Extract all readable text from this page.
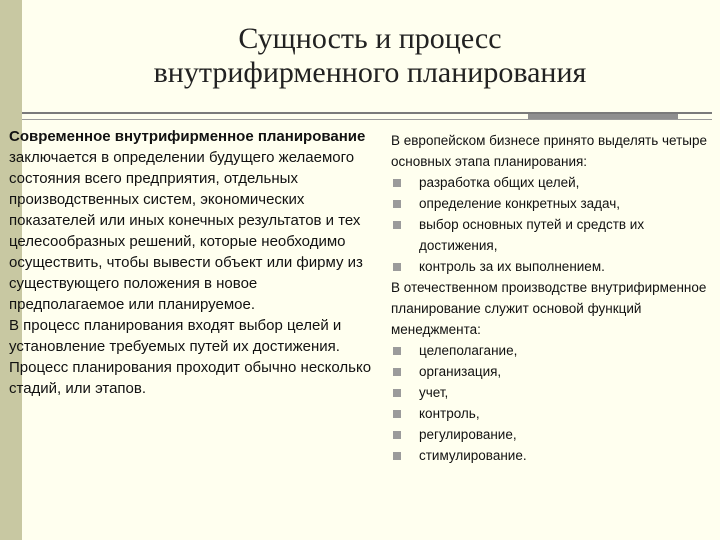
Сущность и процесс
внутрифирменного планирования

Современное внутрифирменное планирование заключается в определении будущего желаемого состояния всего предприятия, отдельных производственных систем, экономических показателей или иных конечных результатов и тех целесообразных решений, которые необходимо осуществить, чтобы вывести объект или фирму из существующего положения в новое предполагаемое или планируемое.

В процесс планирования входят выбор целей и установление требуемых путей их достижения.

Процесс планирования проходит обычно несколько стадий, или этапов.

В европейском бизнесе принято выделять четыре основных этапа планирования:

разработка общих целей,
определение конкретных задач,
выбор основных путей и средств их достижения,
контроль за их выполнением.

В отечественном производстве внутрифирменное планирование служит основой функций менеджмента:

целеполагание,
организация,
учет,
контроль,
регулирование,
стимулирование.
